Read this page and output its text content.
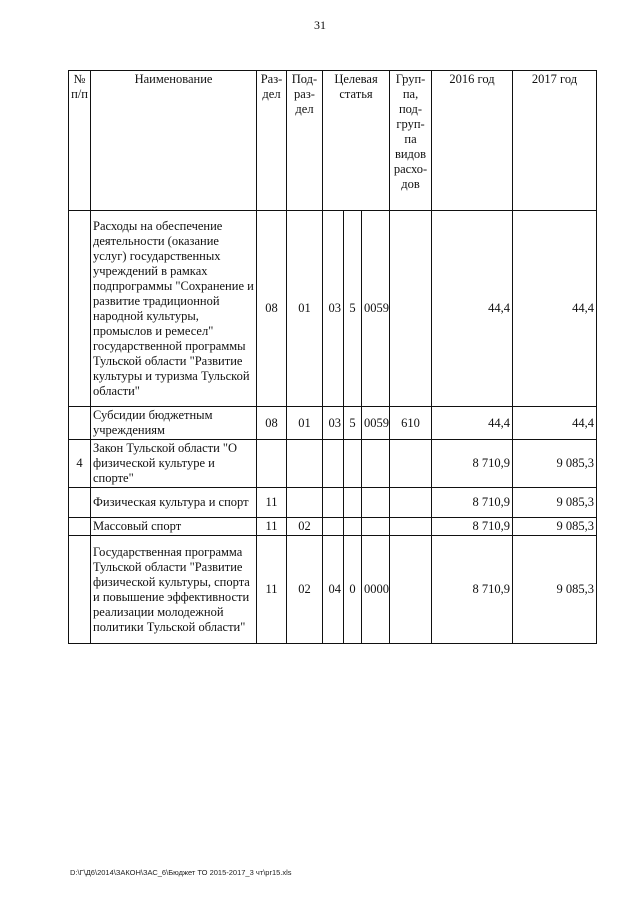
31
№ п/п	Наименование	Раз-дел	Под-раз-дел	Целевая статья			Груп-па, под-груп-па видов расхо-дов	2016 год	2017 год
	Расходы на обеспечение деятельности (оказание услуг) государственных учреждений в рамках подпрограммы "Сохранение и развитие традиционной народной культуры, промыслов и ремесел" государственной программы Тульской области "Развитие культуры и туризма Тульской области"	08	01	03	5	0059		44,4	44,4
	Субсидии бюджетным учреждениям	08	01	03	5	0059	610	44,4	44,4
4	Закон Тульской области "О физической культуре и спорте"							8 710,9	9 085,3
	Физическая культура и спорт	11						8 710,9	9 085,3
	Массовый спорт	11	02					8 710,9	9 085,3
	Государственная программа Тульской области "Развитие физической культуры, спорта и повышение эффективности реализации молодежной политики Тульской области"	11	02	04	0	0000		8 710,9	9 085,3
D:\Г\Д6\2014\ЗАКОН\ЗАС_6\Бюджет ТО 2015-2017_3 чт\pr15.xls
